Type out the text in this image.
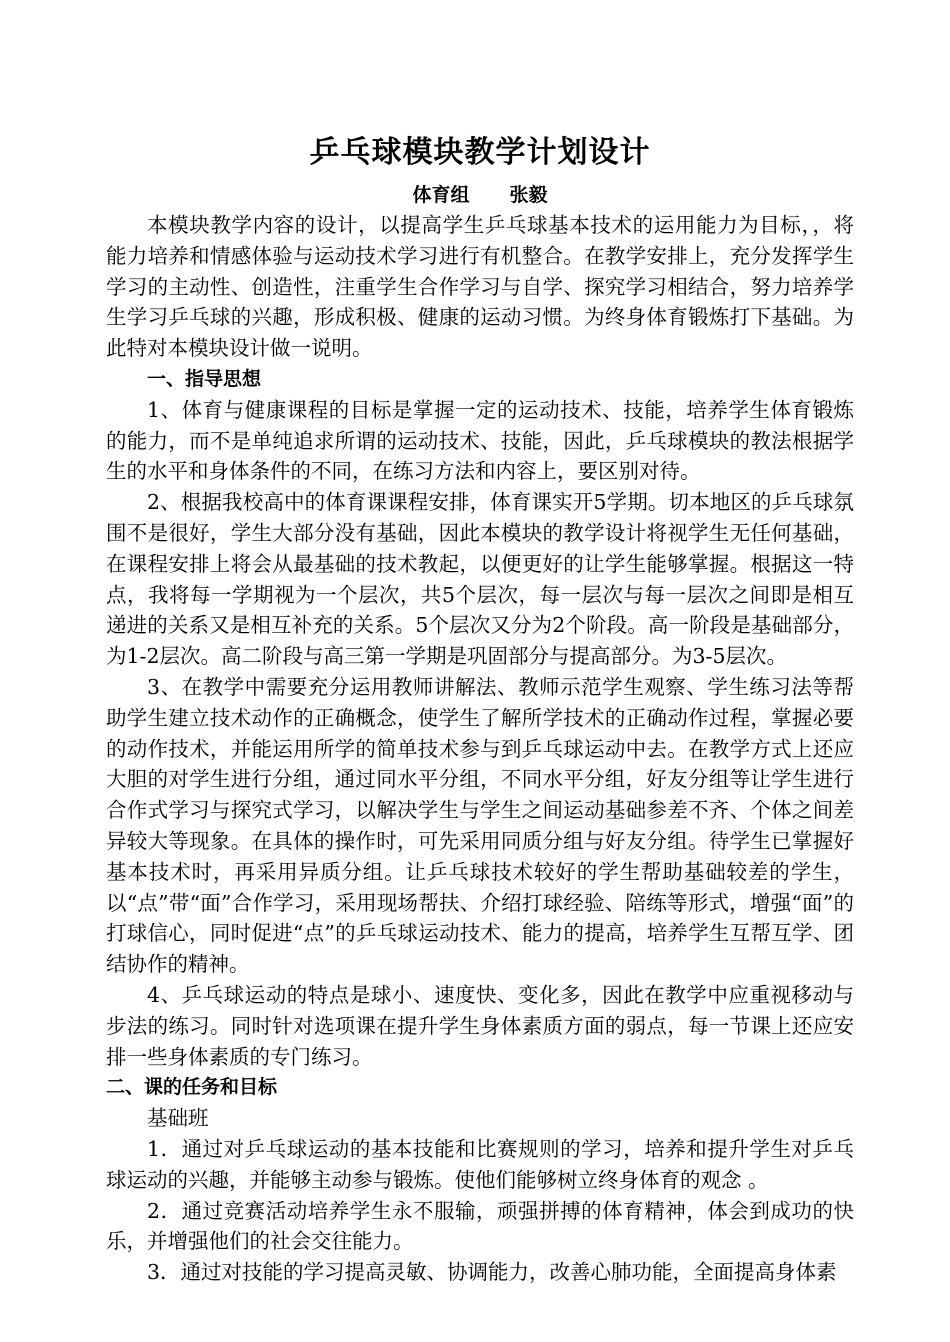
乒乓球模块教学计划设计
体育组 张毅

本模块教学内容的设计，以提高学生乒乓球基本技术的运用能力为目标，，将能力培养和情感体验与运动技术学习进行有机整合。在教学安排上，充分发挥学生学习的主动性、创造性，注重学生合作学习与自学、探究学习相结合，努力培养学生学习乒乓球的兴趣，形成积极、健康的运动习惯。为终身体育锻炼打下基础。为此特对本模块设计做一说明。

一、指导思想

1、体育与健康课程的目标是掌握一定的运动技术、技能，培养学生体育锻炼的能力，而不是单纯追求所谓的运动技术、技能，因此，乒乓球模块的教法根据学生的水平和身体条件的不同，在练习方法和内容上，要区别对待。

2、根据我校高中的体育课课程安排，体育课实开5学期。切本地区的乒乓球氛围不是很好，学生大部分没有基础，因此本模块的教学设计将视学生无任何基础，在课程安排上将会从最基础的技术教起，以便更好的让学生能够掌握。根据这一特点，我将每一学期视为一个层次，共5个层次，每一层次与每一层次之间即是相互递进的关系又是相互补充的关系。5个层次又分为2个阶段。高一阶段是基础部分，为1-2层次。高二阶段与高三第一学期是巩固部分与提高部分。为3-5层次。

3、在教学中需要充分运用教师讲解法、教师示范学生观察、学生练习法等帮助学生建立技术动作的正确概念，使学生了解所学技术的正确动作过程，掌握必要的动作技术，并能运用所学的简单技术参与到乒乓球运动中去。在教学方式上还应大胆的对学生进行分组，通过同水平分组，不同水平分组，好友分组等让学生进行合作式学习与探究式学习，以解决学生与学生之间运动基础参差不齐、个体之间差异较大等现象。在具体的操作时，可先采用同质分组与好友分组。待学生已掌握好基本技术时，再采用异质分组。让乒乓球技术较好的学生帮助基础较差的学生，以“点”带“面”合作学习，采用现场帮扶、介绍打球经验、陪练等形式，增强“面”的打球信心，同时促进“点”的乒乓球运动技术、能力的提高，培养学生互帮互学、团结协作的精神。

4、乒乓球运动的特点是球小、速度快、变化多，因此在教学中应重视移动与步法的练习。同时针对选项课在提升学生身体素质方面的弱点，每一节课上还应安排一些身体素质的专门练习。

二、课的任务和目标

基础班

1．通过对乒乓球运动的基本技能和比赛规则的学习，培养和提升学生对乒乓球运动的兴趣，并能够主动参与锻炼。使他们能够树立终身体育的观念 。

2．通过竞赛活动培养学生永不服输，顽强拼搏的体育精神，体会到成功的快乐，并增强他们的社会交往能力。

3．通过对技能的学习提高灵敏、协调能力，改善心肺功能，全面提高身体素
